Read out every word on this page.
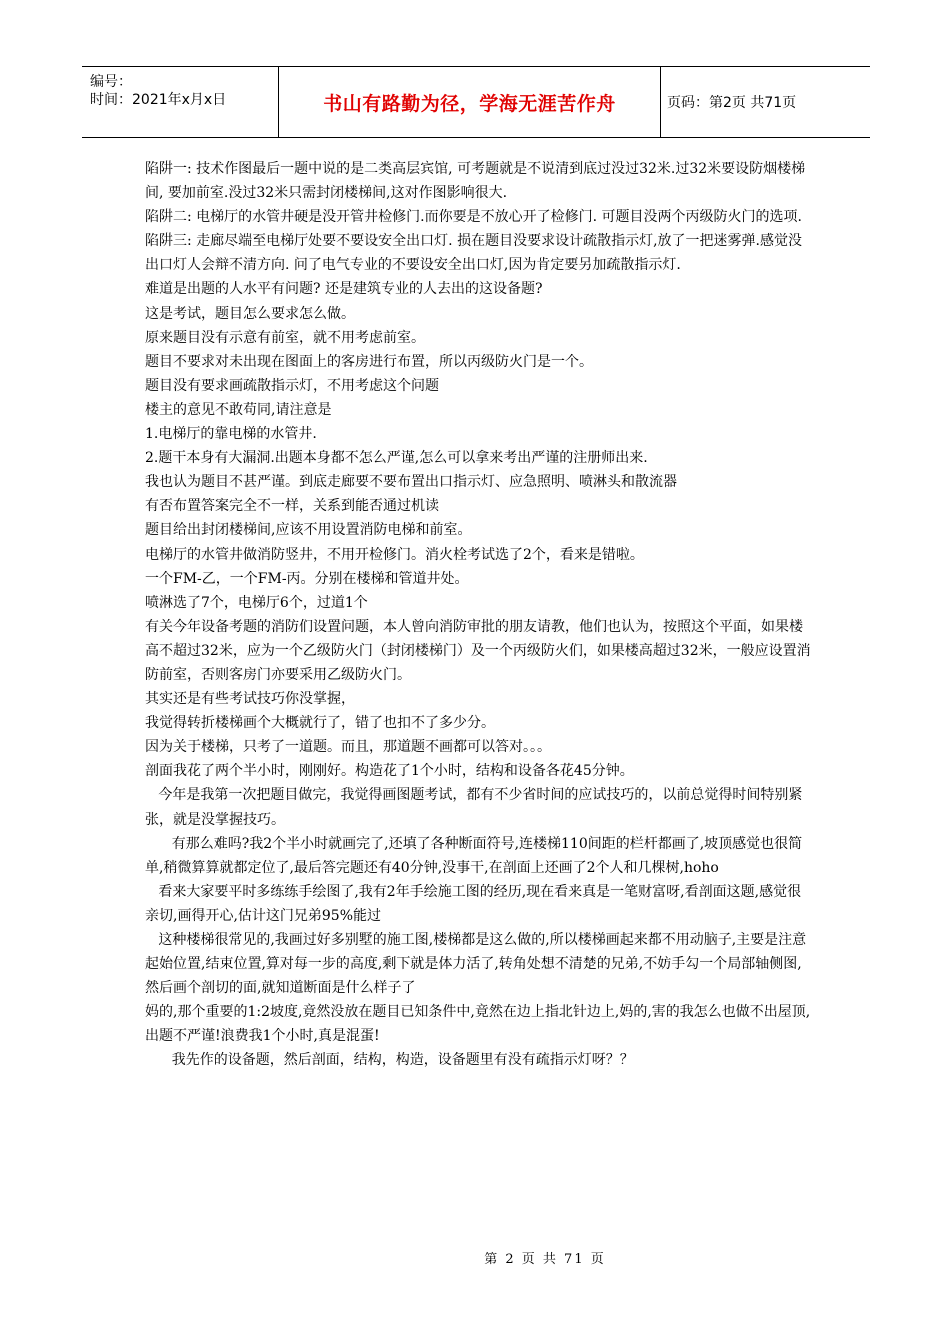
编号：
时间：2021年x月x日	书山有路勤为径，学海无涯苦作舟	页码：第2页 共71页

陷阱一: 技术作图最后一题中说的是二类高层宾馆, 可考题就是不说清到底过没过32米.过32米要设防烟楼梯间, 要加前室.没过32米只需封闭楼梯间,这对作图影响很大.

陷阱二: 电梯厅的水管井硬是没开管井检修门.而你要是不放心开了检修门. 可题目没两个丙级防火门的选项.

陷阱三: 走廊尽端至电梯厅处要不要设安全出口灯. 损在题目没要求设计疏散指示灯,放了一把迷雾弹.感觉没出口灯人会辩不清方向. 问了电气专业的不要设安全出口灯,因为肯定要另加疏散指示灯.

难道是出题的人水平有问题? 还是建筑专业的人去出的这设备题?

这是考试，题目怎么要求怎么做。

原来题目没有示意有前室，就不用考虑前室。

题目不要求对未出现在图面上的客房进行布置，所以丙级防火门是一个。

题目没有要求画疏散指示灯，不用考虑这个问题

楼主的意见不敢苟同,请注意是

1.电梯厅的靠电梯的水管井.

2.题干本身有大漏洞.出题本身都不怎么严谨,怎么可以拿来考出严谨的注册师出来.

我也认为题目不甚严谨。到底走廊要不要布置出口指示灯、应急照明、喷淋头和散流器

有否布置答案完全不一样，关系到能否通过机读

题目给出封闭楼梯间,应该不用设置消防电梯和前室。

电梯厅的水管井做消防竖井，不用开检修门。消火栓考试选了2个，看来是错啦。

一个FM-乙，一个FM-丙。分别在楼梯和管道井处。

喷淋选了7个，电梯厅6个，过道1个

有关今年设备考题的消防们设置问题，本人曾向消防审批的朋友请教，他们也认为，按照这个平面，如果楼高不超过32米，应为一个乙级防火门（封闭楼梯门）及一个丙级防火们，如果楼高超过32米，一般应设置消防前室，否则客房门亦要采用乙级防火门。

其实还是有些考试技巧你没掌握，

我觉得转折楼梯画个大概就行了，错了也扣不了多少分。

因为关于楼梯，只考了一道题。而且，那道题不画都可以答对。。。

剖面我花了两个半小时，刚刚好。构造花了1个小时，结构和设备各花45分钟。

今年是我第一次把题目做完，我觉得画图题考试，都有不少省时间的应试技巧的，以前总觉得时间特别紧张，就是没掌握技巧。

有那么难吗?我2个半小时就画完了,还填了各种断面符号,连楼梯110间距的栏杆都画了,坡顶感觉也很简单,稍微算算就都定位了,最后答完题还有40分钟,没事干,在剖面上还画了2个人和几棵树,hoho

看来大家要平时多练练手绘图了,我有2年手绘施工图的经历,现在看来真是一笔财富呀,看剖面这题,感觉很亲切,画得开心,估计这门兄弟95%能过

这种楼梯很常见的,我画过好多别墅的施工图,楼梯都是这么做的,所以楼梯画起来都不用动脑子,主要是注意起始位置,结束位置,算对每一步的高度,剩下就是体力活了,转角处想不清楚的兄弟,不妨手勾一个局部轴侧图,然后画个剖切的面,就知道断面是什么样子了

妈的,那个重要的1:2坡度,竟然没放在题目已知条件中,竟然在边上指北针边上,妈的,害的我怎么也做不出屋顶,出题不严谨!浪费我1个小时,真是混蛋!

我先作的设备题，然后剖面，结构，构造，设备题里有没有疏指示灯呀？？

第 2 页 共 71 页
